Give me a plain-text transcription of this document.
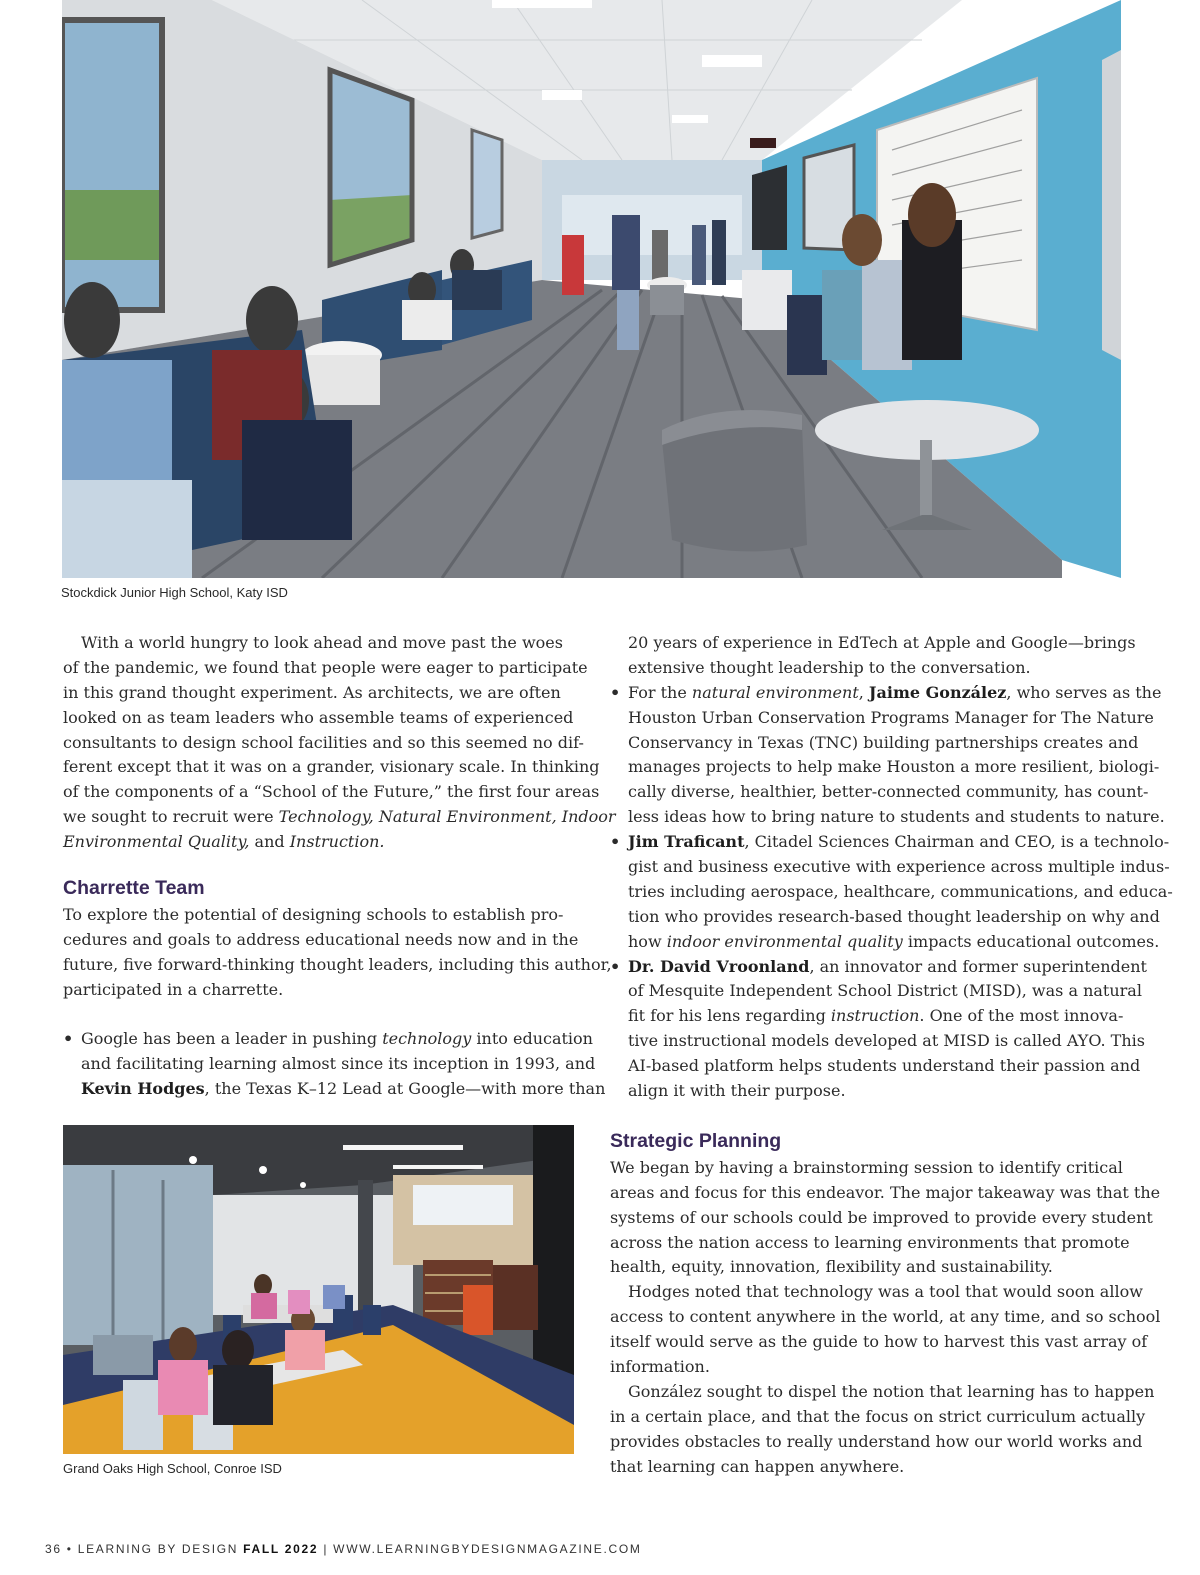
Stockdick Junior High School, Katy ISD
With a world hungry to look ahead and move past the woes
of the pandemic, we found that people were eager to participate
in this grand thought experiment. As architects, we are often
looked on as team leaders who assemble teams of experienced
consultants to design school facilities and so this seemed no dif-
ferent except that it was on a grander, visionary scale. In thinking
of the components of a “School of the Future,” the first four areas
we sought to recruit were Technology, Natural Environment, Indoor
Environmental Quality, and Instruction.
Charrette Team
To explore the potential of designing schools to establish pro-
cedures and goals to address educational needs now and in the
future, five forward-thinking thought leaders, including this author,
participated in a charrette.
• Google has been a leader in pushing technology into education
and facilitating learning almost since its inception in 1993, and
Kevin Hodges, the Texas K–12 Lead at Google—with more than
Grand Oaks High School, Conroe ISD
20 years of experience in EdTech at Apple and Google—brings
extensive thought leadership to the conversation.
• For the natural environment, Jaime González, who serves as the
Houston Urban Conservation Programs Manager for The Nature
Conservancy in Texas (TNC) building partnerships creates and
manages projects to help make Houston a more resilient, biologi-
cally diverse, healthier, better-connected community, has count-
less ideas how to bring nature to students and students to nature.
• Jim Traficant, Citadel Sciences Chairman and CEO, is a technolo-
gist and business executive with experience across multiple indus-
tries including aerospace, healthcare, communications, and educa-
tion who provides research-based thought leadership on why and
how indoor environmental quality impacts educational outcomes.
• Dr. David Vroonland, an innovator and former superintendent
of Mesquite Independent School District (MISD), was a natural
fit for his lens regarding instruction. One of the most innova-
tive instructional models developed at MISD is called AYO. This
AI-based platform helps students understand their passion and
align it with their purpose.
Strategic Planning
We began by having a brainstorming session to identify critical
areas and focus for this endeavor. The major takeaway was that the
systems of our schools could be improved to provide every student
across the nation access to learning environments that promote
health, equity, innovation, flexibility and sustainability.
Hodges noted that technology was a tool that would soon allow
access to content anywhere in the world, at any time, and so school
itself would serve as the guide to how to harvest this vast array of
information.
González sought to dispel the notion that learning has to happen
in a certain place, and that the focus on strict curriculum actually
provides obstacles to really understand how our world works and
that learning can happen anywhere.
36 • LEARNING BY DESIGN FALL 2022 | WWW.LEARNINGBYDESIGNMAGAZINE.COM
